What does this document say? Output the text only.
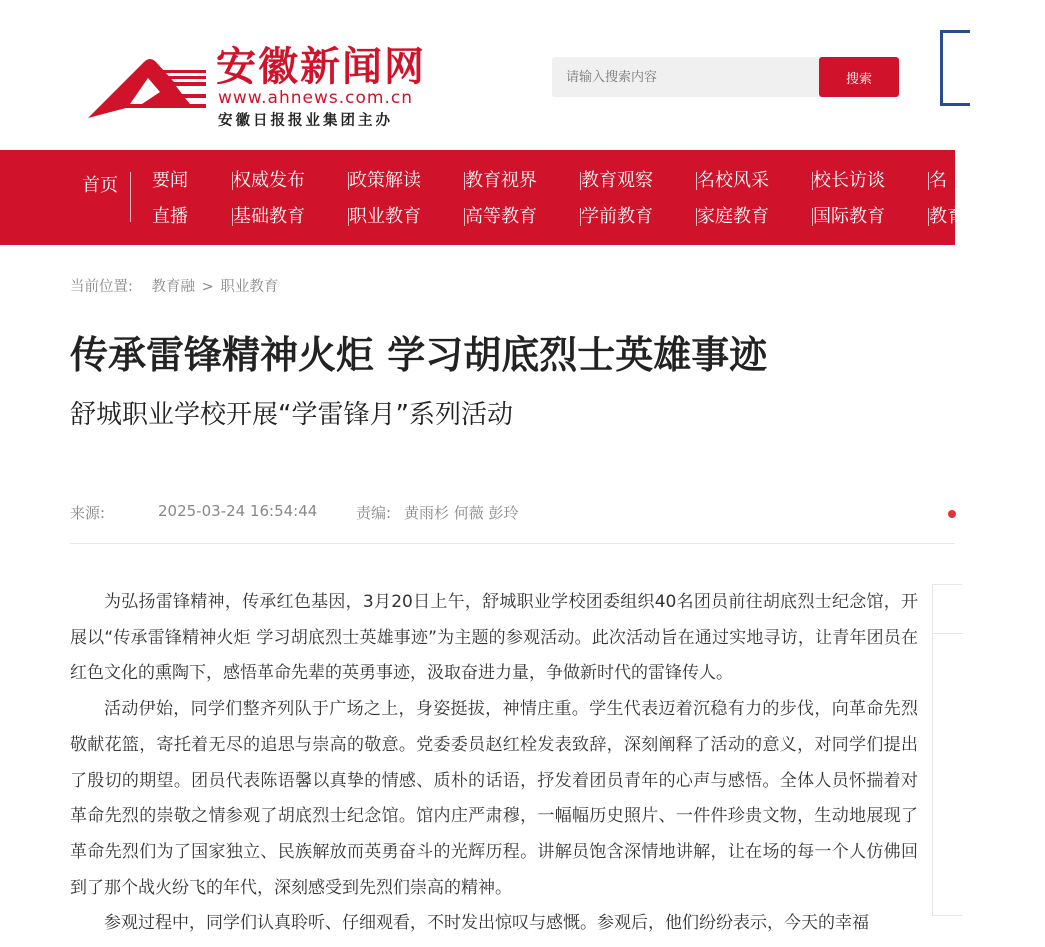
安徽新闻网
www.ahnews.com.cn
安徽日报报业集团主办
请输入搜索内容
搜索
首页 要闻	权威发布	政策解读	教育视界	教育观察	名校风采	校长访谈	名
直播	基础教育	职业教育	高等教育	学前教育	家庭教育	国际教育	教育
当前位置: 教育融 > 职业教育
传承雷锋精神火炬 学习胡底烈士英雄事迹
舒城职业学校开展“学雷锋月”系列活动
来源:	2025-03-24 16:54:44	责编: 黄雨杉 何薇 彭玲

为弘扬雷锋精神，传承红色基因，3月20日上午，舒城职业学校团委组织40名团员前往胡底烈士纪念馆，开展以“传承雷锋精神火炬 学习胡底烈士英雄事迹”为主题的参观活动。此次活动旨在通过实地寻访，让青年团员在红色文化的熏陶下，感悟革命先辈的英勇事迹，汲取奋进力量，争做新时代的雷锋传人。

活动伊始，同学们整齐列队于广场之上，身姿挺拔，神情庄重。学生代表迈着沉稳有力的步伐，向革命先烈敬献花篮，寄托着无尽的追思与崇高的敬意。党委委员赵红栓发表致辞，深刻阐释了活动的意义，对同学们提出了殷切的期望。团员代表陈语馨以真挚的情感、质朴的话语，抒发着团员青年的心声与感悟。全体人员怀揣着对革命先烈的崇敬之情参观了胡底烈士纪念馆。馆内庄严肃穆，一幅幅历史照片、一件件珍贵文物，生动地展现了革命先烈们为了国家独立、民族解放而英勇奋斗的光辉历程。讲解员饱含深情地讲解，让在场的每一个人仿佛回到了那个战火纷飞的年代，深刻感受到先烈们崇高的精神。

参观过程中，同学们认真聆听、仔细观看，不时发出惊叹与感慨。参观后，他们纷纷表示，今天的幸福
